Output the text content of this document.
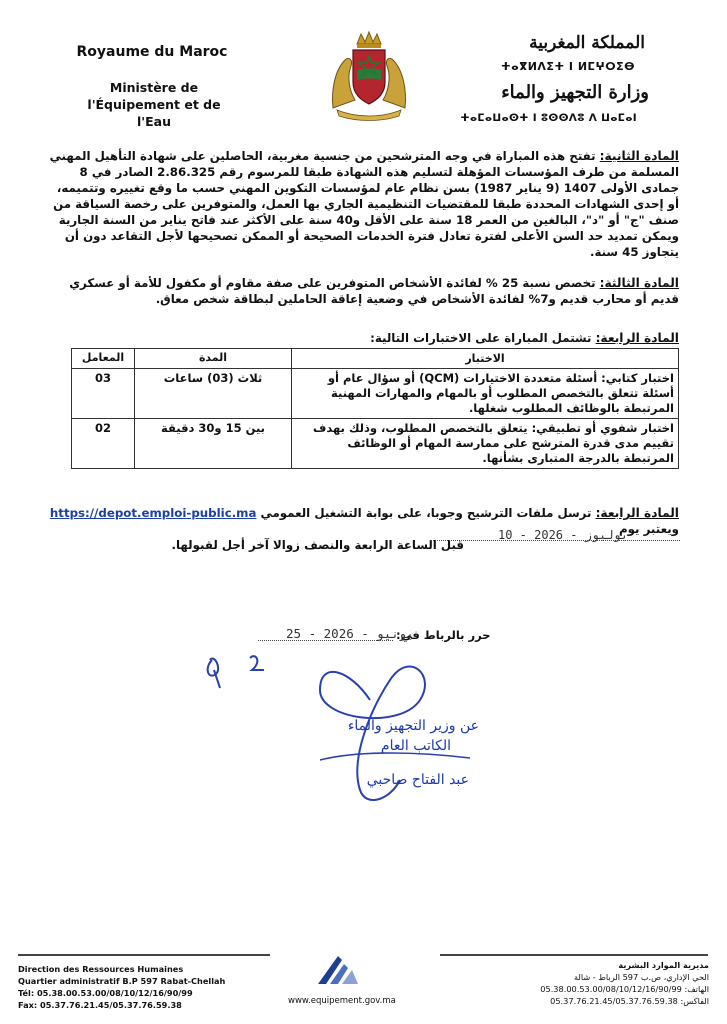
Royaume du Maroc
Ministère de
l'Équipement et de l'Eau
المملكة المغربية
ⵜⴰⴳⵍⴷⵉⵜ ⵏ ⵍⵎⵖⵔⵉⴱ
وزارة التجهيز والماء
ⵜⴰⵎⴰⵡⴰⵙⵜ ⵏ ⵓⵙⵙⴷⵓ ⴷ ⵡⴰⵎⴰⵏ
المادة الثانية: تفتح هذه المباراة في وجه المترشحين من جنسية مغربية، الحاصلين على شهادة التأهيل المهني المسلمة من طرف المؤسسات المؤهلة لتسليم هذه الشهادة طبقا للمرسوم رقم 2.86.325 الصادر في 8 جمادى الأولى 1407 (9 يناير 1987) بسن نظام عام لمؤسسات التكوين المهني حسب ما وقع تغييره وتتميمه، أو إحدى الشهادات المحددة طبقا للمقتضيات التنظيمية الجاري بها العمل، والمتوفرين على رخصة السياقة من صنف "ج" أو "د"، البالغين من العمر 18 سنة على الأقل و40 سنة على الأكثر عند فاتح يناير من السنة الجارية ويمكن تمديد حد السن الأعلى لفترة تعادل فترة الخدمات الصحيحة أو الممكن تصحيحها لأجل التقاعد دون أن يتجاوز 45 سنة.
المادة الثالثة: تخصص نسبة 25 % لفائدة الأشخاص المتوفرين على صفة مقاوم أو مكفول للأمة أو عسكري قديم أو محارب قديم و7% لفائدة الأشخاص في وضعية إعاقة الحاملين لبطاقة شخص معاق.
المادة الرابعة: تشتمل المباراة على الاختبارات التالية:
الاختبار	المدة	المعامل
اختبار كتابي: أسئلة متعددة الاختيارات (QCM) أو سؤال عام أو أسئلة تتعلق بالتخصص المطلوب أو بالمهام والمهارات المهنية المرتبطة بالوظائف المطلوب شغلها.	ثلاث (03) ساعات	03
اختبار شفوي أو تطبيقي: يتعلق بالتخصص المطلوب، وذلك بهدف تقييم مدى قدرة المترشح على ممارسة المهام أو الوظائف المرتبطة بالدرجة المتبارى بشأنها.	بين 15 و30 دقيقة	02
المادة الرابعة: ترسل ملفات الترشيح وجوبا، على بوابة التشغيل العمومي https://depot.emploi-public.ma ويعتبر يوم
قبل الساعة الرابعة والنصف زوالا آخر أجل لقبولها.
10 - يوليوز - 2026
حرر بالرباط في:
25 - يونيو - 2026
عن وزير التجهيز والماء
الكاتب العام
عبد الفتاح صاحبي
Direction des Ressources Humaines
Quartier administratif B.P 597 Rabat-Chellah
Tél: 05.38.00.53.00/08/10/12/16/90/99
Fax: 05.37.76.21.45/05.37.76.59.38	www.equipement.gov.ma
مديرية الموارد البشرية
الحي الإداري، ص.ب 597 الرباط - شالة
الهاتف: 05.38.00.53.00/08/10/12/16/90/99
الفاكس: 05.37.76.21.45/05.37.76.59.38
